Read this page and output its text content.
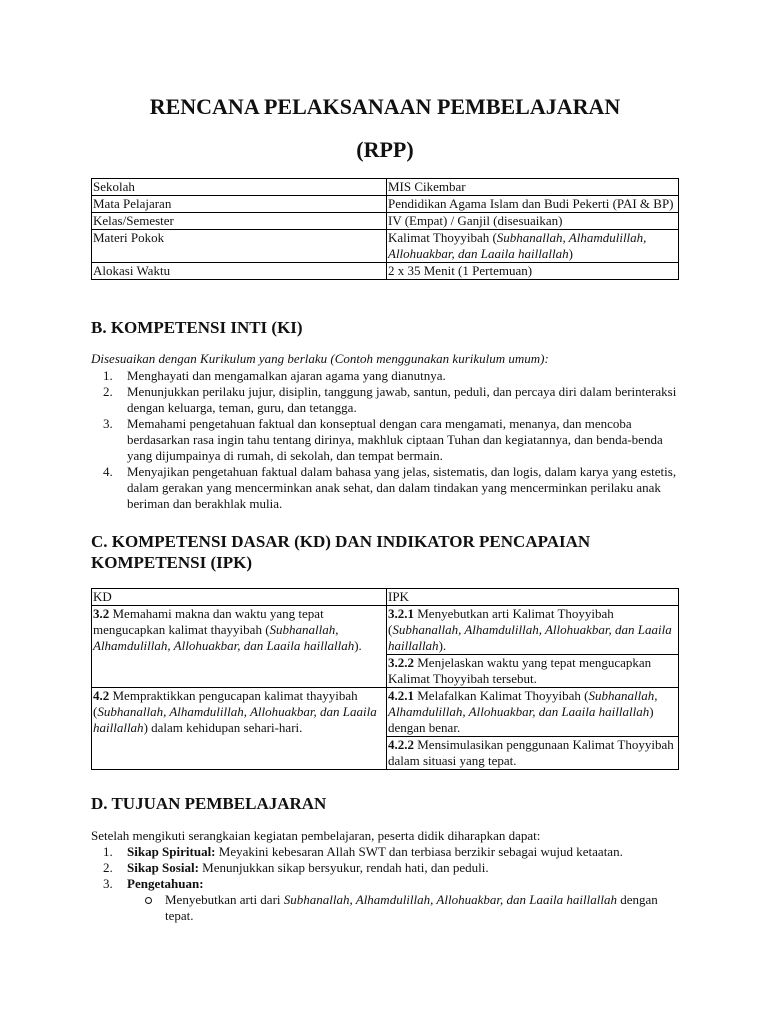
RENCANA PELAKSANAAN PEMBELAJARAN
(RPP)
Sekolah	MIS Cikembar
Mata Pelajaran	Pendidikan Agama Islam dan Budi Pekerti (PAI & BP)
Kelas/Semester	IV (Empat) / Ganjil (disesuaikan)
Materi Pokok	Kalimat Thoyyibah (Subhanallah, Alhamdulillah, Allohuakbar, dan Laaila haillallah)
Alokasi Waktu	2 x 35 Menit (1 Pertemuan)
B. KOMPETENSI INTI (KI)

Disesuaikan dengan Kurikulum yang berlaku (Contoh menggunakan kurikulum umum):

1. Menghayati dan mengamalkan ajaran agama yang dianutnya.
2. Menunjukkan perilaku jujur, disiplin, tanggung jawab, santun, peduli, dan percaya diri dalam berinteraksi dengan keluarga, teman, guru, dan tetangga.
3. Memahami pengetahuan faktual dan konseptual dengan cara mengamati, menanya, dan mencoba berdasarkan rasa ingin tahu tentang dirinya, makhluk ciptaan Tuhan dan kegiatannya, dan benda-benda yang dijumpainya di rumah, di sekolah, dan tempat bermain.
4. Menyajikan pengetahuan faktual dalam bahasa yang jelas, sistematis, dan logis, dalam karya yang estetis, dalam gerakan yang mencerminkan anak sehat, dan dalam tindakan yang mencerminkan perilaku anak beriman dan berakhlak mulia.
C. KOMPETENSI DASAR (KD) DAN INDIKATOR PENCAPAIAN KOMPETENSI (IPK)
KD	IPK
3.2 Memahami makna dan waktu yang tepat mengucapkan kalimat thayyibah (Subhanallah, Alhamdulillah, Allohuakbar, dan Laaila haillallah).	3.2.1 Menyebutkan arti Kalimat Thoyyibah (Subhanallah, Alhamdulillah, Allohuakbar, dan Laaila haillallah).
	3.2.2 Menjelaskan waktu yang tepat mengucapkan Kalimat Thoyyibah tersebut.
4.2 Mempraktikkan pengucapan kalimat thayyibah (Subhanallah, Alhamdulillah, Allohuakbar, dan Laaila haillallah) dalam kehidupan sehari-hari.	4.2.1 Melafalkan Kalimat Thoyyibah (Subhanallah, Alhamdulillah, Allohuakbar, dan Laaila haillallah) dengan benar.
	4.2.2 Mensimulasikan penggunaan Kalimat Thoyyibah dalam situasi yang tepat.
D. TUJUAN PEMBELAJARAN

Setelah mengikuti serangkaian kegiatan pembelajaran, peserta didik diharapkan dapat:

1. Sikap Spiritual: Meyakini kebesaran Allah SWT dan terbiasa berzikir sebagai wujud ketaatan.
2. Sikap Sosial: Menunjukkan sikap bersyukur, rendah hati, dan peduli.
3. Pengetahuan:
Menyebutkan arti dari Subhanallah, Alhamdulillah, Allohuakbar, dan Laaila haillallah dengan tepat.
